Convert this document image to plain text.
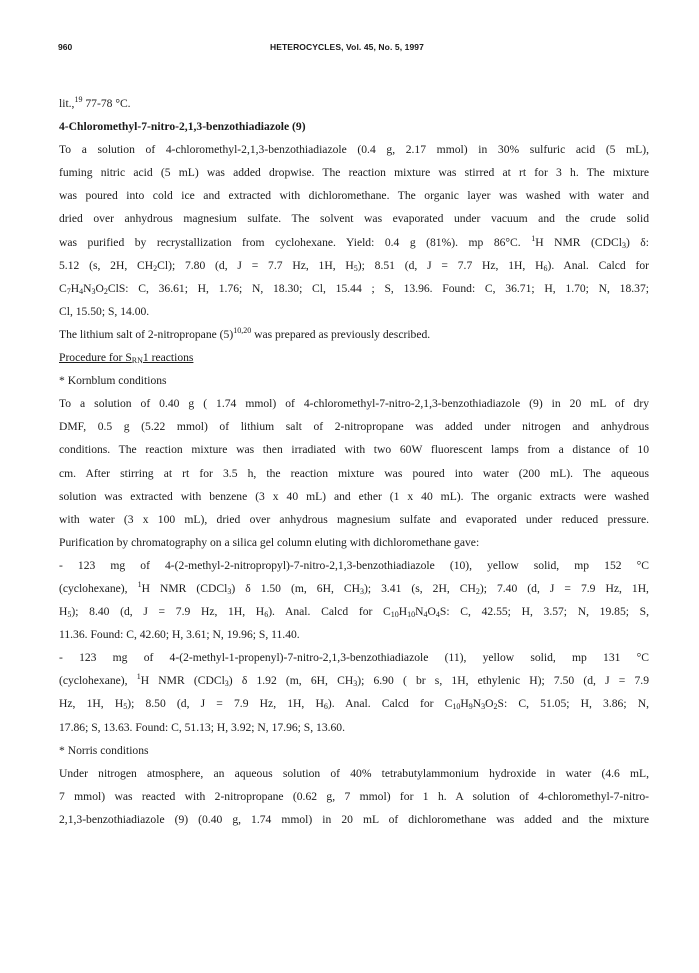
960	HETEROCYCLES, Vol. 45, No. 5, 1997
lit.,$^{19}$ 77-78 °C.
4-Chloromethyl-7-nitro-2,1,3-benzothiadiazole (9)
To a solution of 4-chloromethyl-2,1,3-benzothiadiazole (0.4 g, 2.17 mmol) in 30% sulfuric acid (5 mL),
fuming nitric acid (5 mL) was added dropwise. The reaction mixture was stirred at rt for 3 h. The mixture
was poured into cold ice and extracted with dichloromethane. The organic layer was washed with water and
dried over anhydrous magnesium sulfate. The solvent was evaporated under vacuum and the crude solid
was purified by recrystallization from cyclohexane. Yield: 0.4 g (81%). mp 86°C. $^1$H NMR (CDCl$_3$) δ:
5.12 (s, 2H, $CH_2Cl$); 7.80 (d, J = 7.7 Hz, 1H, $H_5$); 8.51 (d, J = 7.7 Hz, 1H, $H_6$). Anal. Calcd for
$C_7H_4N_3O_2ClS$: C, 36.61; H, 1.76; N, 18.30; Cl, 15.44 ; S, 13.96. Found: C, 36.71; H, 1.70; N, 18.37;
Cl, 15.50; S, 14.00.
The lithium salt of 2-nitropropane $(5)^{10,20}$ was prepared as previously described.
Procedure for $S_{RN}1$ reactions
* Kornblum conditions
To a solution of 0.40 g ( 1.74 mmol) of 4-chloromethyl-7-nitro-2,1,3-benzothiadiazole (9) in 20 mL of dry
DMF, 0.5 g (5.22 mmol) of lithium salt of 2-nitropropane was added under nitrogen and anhydrous
conditions. The reaction mixture was then irradiated with two 60W fluorescent lamps from a distance of 10
cm. After stirring at rt for 3.5 h, the reaction mixture was poured into water (200 mL). The aqueous
solution was extracted with benzene (3 x 40 mL) and ether (1 x 40 mL). The organic extracts were washed
with water (3 x 100 mL), dried over anhydrous magnesium sulfate and evaporated under reduced pressure.
Purification by chromatography on a silica gel column eluting with dichloromethane gave:
- 123 mg of 4-(2-methyl-2-nitropropyl)-7-nitro-2,1,3-benzothiadiazole (10), yellow solid, mp 152 °C
(cyclohexane), $^1$H NMR (CDCl$_3$) δ 1.50 (m, 6H, $CH_3$); 3.41 (s, 2H, $CH_2$); 7.40 (d, J = 7.9 Hz, 1H,
$H_5$); 8.40 (d, J = 7.9 Hz, 1H, $H_6$). Anal. Calcd for $C_{10}H_{10}N_4O_4S$: C, 42.55; H, 3.57; N, 19.85; S,
11.36. Found: C, 42.60; H, 3.61; N, 19.96; S, 11.40.
- 123 mg of 4-(2-methyl-1-propenyl)-7-nitro-2,1,3-benzothiadiazole (11), yellow solid, mp 131 °C
(cyclohexane), $^1$H NMR (CDCl$_3$) δ 1.92 (m, 6H, $CH_3$); 6.90 ( br s, 1H, ethylenic H); 7.50 (d, J = 7.9
Hz, 1H, $H_5$); 8.50 (d, J = 7.9 Hz, 1H, $H_6$). Anal. Calcd for $C_{10}H_9N_3O_2S$: C, 51.05; H, 3.86; N,
17.86; S, 13.63. Found: C, 51.13; H, 3.92; N, 17.96; S, 13.60.
* Norris conditions
Under nitrogen atmosphere, an aqueous solution of 40% tetrabutylammonium hydroxide in water (4.6 mL,
7 mmol) was reacted with 2-nitropropane (0.62 g, 7 mmol) for 1 h. A solution of 4-chloromethyl-7-nitro-
2,1,3-benzothiadiazole (9) (0.40 g, 1.74 mmol) in 20 mL of dichloromethane was added and the mixture
